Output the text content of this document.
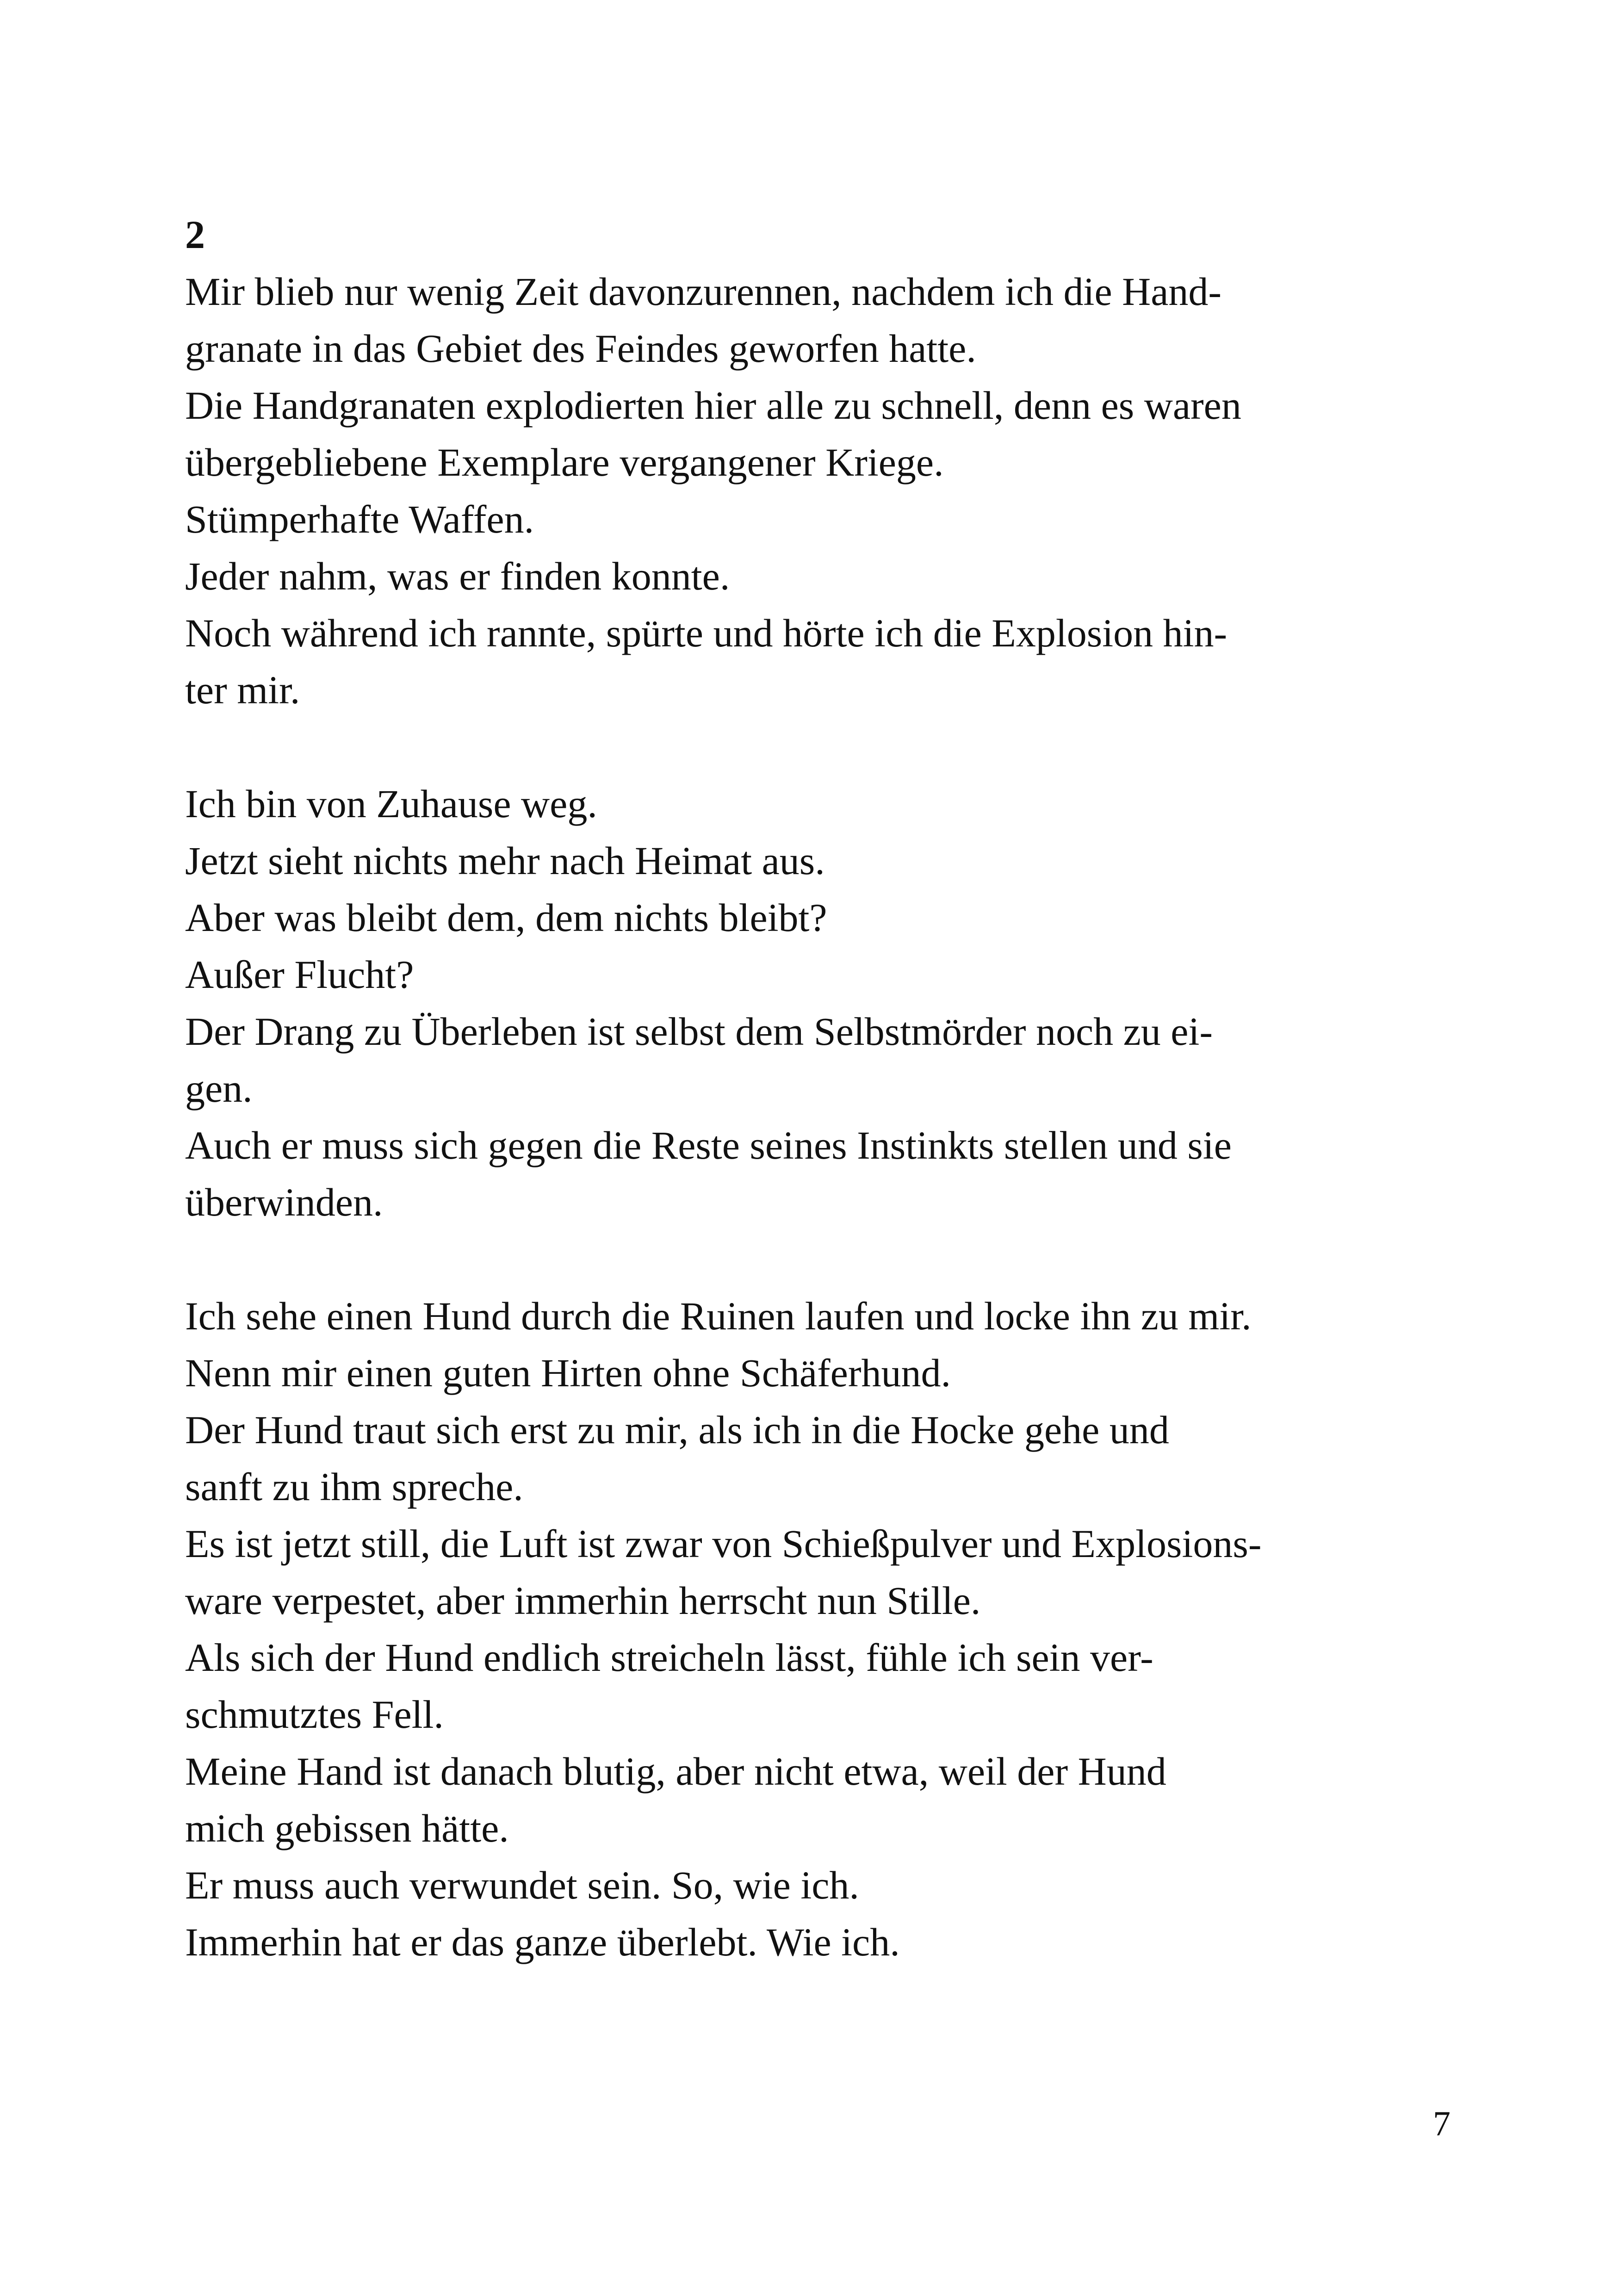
2
Mir blieb nur wenig Zeit davonzurennen, nachdem ich die Hand-
granate in das Gebiet des Feindes geworfen hatte.
Die Handgranaten explodierten hier alle zu schnell, denn es waren
übergebliebene Exemplare vergangener Kriege.
Stümperhafte Waffen.
Jeder nahm, was er finden konnte.
Noch während ich rannte, spürte und hörte ich die Explosion hin-
ter mir.
Ich bin von Zuhause weg.
Jetzt sieht nichts mehr nach Heimat aus.
Aber was bleibt dem, dem nichts bleibt?
Außer Flucht?
Der Drang zu Überleben ist selbst dem Selbstmörder noch zu ei-
gen.
Auch er muss sich gegen die Reste seines Instinkts stellen und sie
überwinden.
Ich sehe einen Hund durch die Ruinen laufen und locke ihn zu mir.
Nenn mir einen guten Hirten ohne Schäferhund.
Der Hund traut sich erst zu mir, als ich in die Hocke gehe und
sanft zu ihm spreche.
Es ist jetzt still, die Luft ist zwar von Schießpulver und Explosions-
ware verpestet, aber immerhin herrscht nun Stille.
Als sich der Hund endlich streicheln lässt, fühle ich sein ver-
schmutztes Fell.
Meine Hand ist danach blutig, aber nicht etwa, weil der Hund
mich gebissen hätte.
Er muss auch verwundet sein. So, wie ich.
Immerhin hat er das ganze überlebt. Wie ich.
7
